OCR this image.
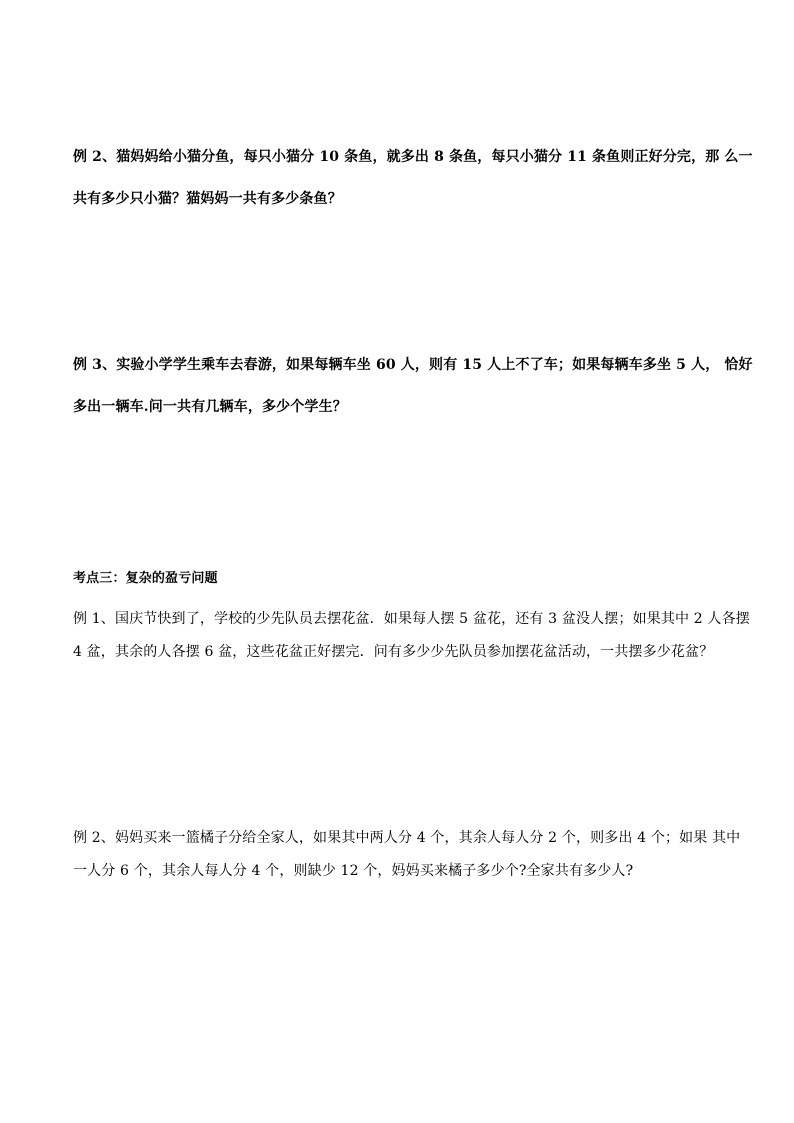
例 2、猫妈妈给小猫分鱼，每只小猫分 10 条鱼，就多出 8 条鱼，每只小猫分 11 条鱼则正好分完，那 么一
共有多少只小猫？猫妈妈一共有多少条鱼？
例 3、实验小学学生乘车去春游，如果每辆车坐 60 人，则有 15 人上不了车；如果每辆车多坐 5 人， 恰好
多出一辆车.问一共有几辆车，多少个学生？
考点三：复杂的盈亏问题
例 1、国庆节快到了，学校的少先队员去摆花盆．如果每人摆 5 盆花，还有 3 盆没人摆；如果其中 2 人各摆
4 盆，其余的人各摆 6 盆，这些花盆正好摆完．问有多少少先队员参加摆花盆活动，一共摆多少花盆？
例 2、妈妈买来一篮橘子分给全家人，如果其中两人分 4 个，其余人每人分 2 个，则多出 4 个；如果 其中
一人分 6 个，其余人每人分 4 个，则缺少 12 个，妈妈买来橘子多少个?全家共有多少人?
